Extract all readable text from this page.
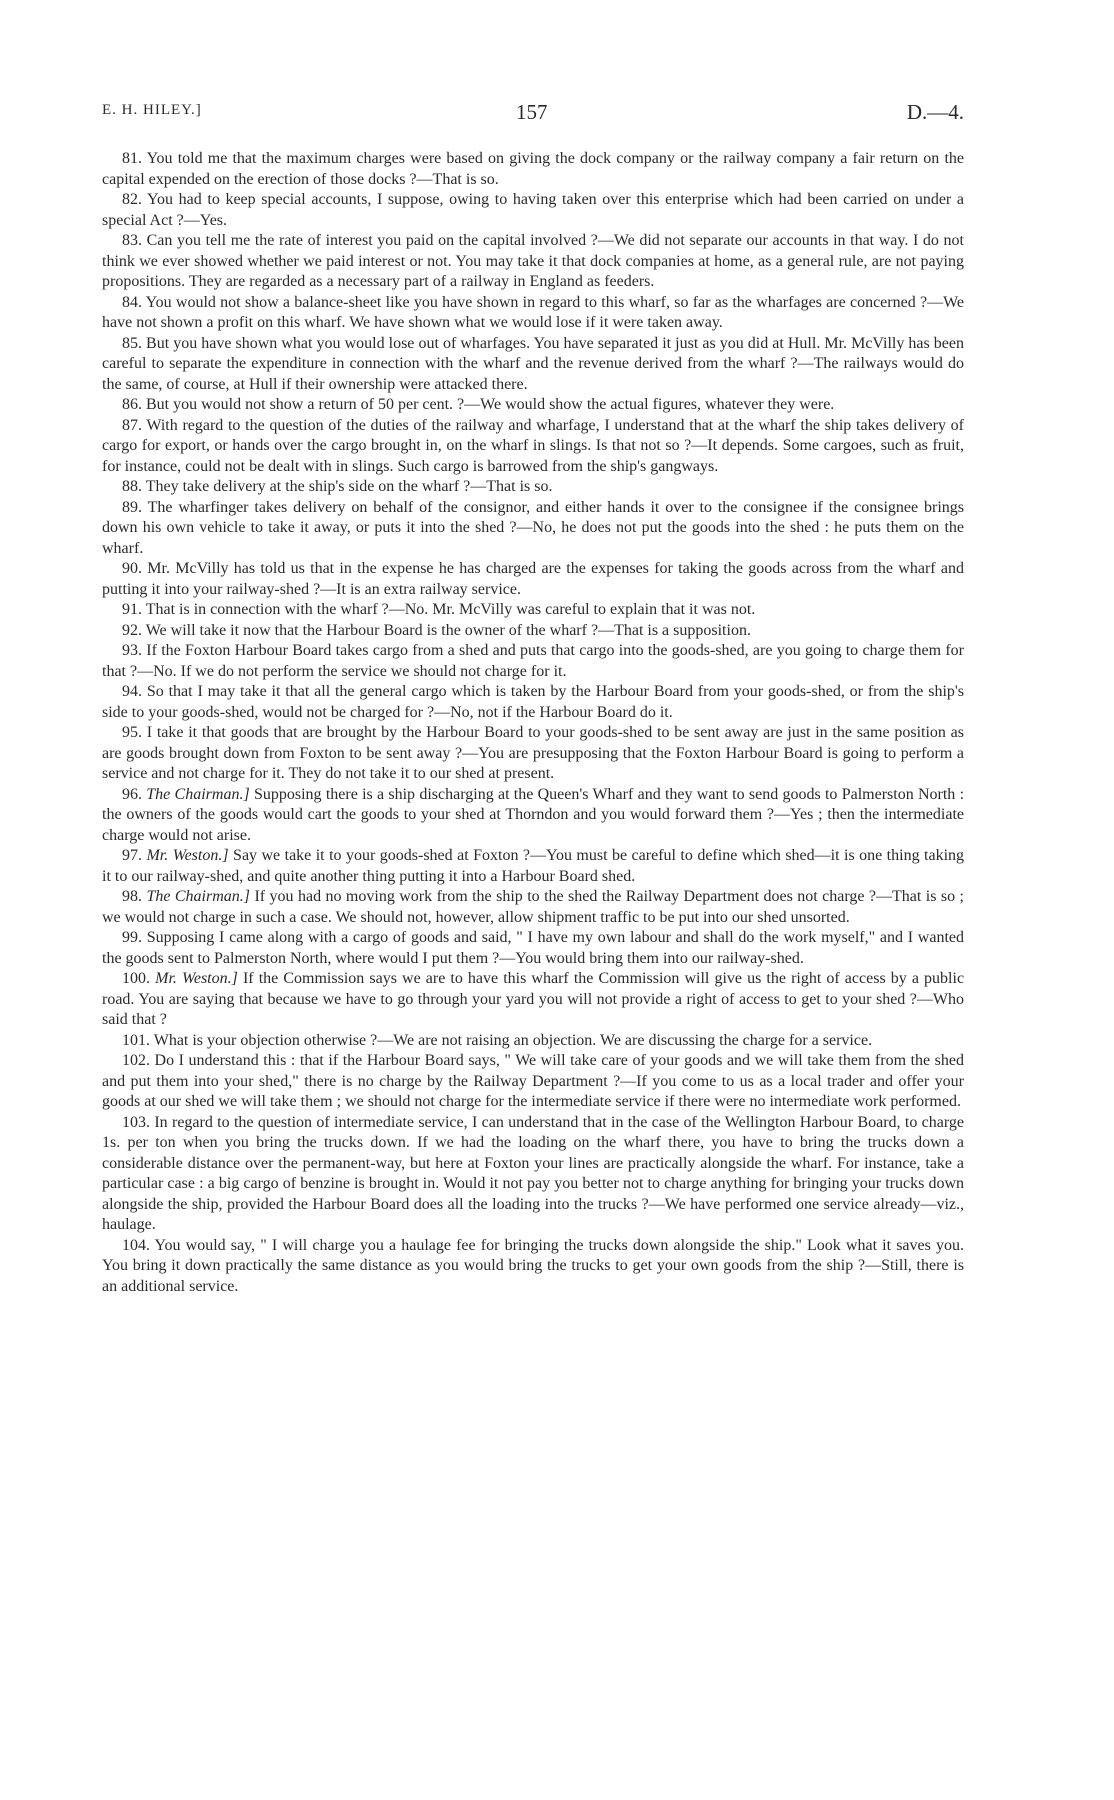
E. H. HILEY.]	157	D.—4.

81. You told me that the maximum charges were based on giving the dock company or the railway company a fair return on the capital expended on the erection of those docks ?—That is so.

82. You had to keep special accounts, I suppose, owing to having taken over this enterprise which had been carried on under a special Act ?—Yes.

83. Can you tell me the rate of interest you paid on the capital involved ?—We did not separate our accounts in that way. I do not think we ever showed whether we paid interest or not. You may take it that dock companies at home, as a general rule, are not paying propositions. They are regarded as a necessary part of a railway in England as feeders.

84. You would not show a balance-sheet like you have shown in regard to this wharf, so far as the wharfages are concerned ?—We have not shown a profit on this wharf. We have shown what we would lose if it were taken away.

85. But you have shown what you would lose out of wharfages. You have separated it just as you did at Hull. Mr. McVilly has been careful to separate the expenditure in connection with the wharf and the revenue derived from the wharf ?—The railways would do the same, of course, at Hull if their ownership were attacked there.

86. But you would not show a return of 50 per cent. ?—We would show the actual figures, whatever they were.

87. With regard to the question of the duties of the railway and wharfage, I understand that at the wharf the ship takes delivery of cargo for export, or hands over the cargo brought in, on the wharf in slings. Is that not so ?—It depends. Some cargoes, such as fruit, for instance, could not be dealt with in slings. Such cargo is barrowed from the ship's gangways.

88. They take delivery at the ship's side on the wharf ?—That is so.

89. The wharfinger takes delivery on behalf of the consignor, and either hands it over to the consignee if the consignee brings down his own vehicle to take it away, or puts it into the shed ?—No, he does not put the goods into the shed : he puts them on the wharf.

90. Mr. McVilly has told us that in the expense he has charged are the expenses for taking the goods across from the wharf and putting it into your railway-shed ?—It is an extra railway service.

91. That is in connection with the wharf ?—No. Mr. McVilly was careful to explain that it was not.

92. We will take it now that the Harbour Board is the owner of the wharf ?—That is a supposition.

93. If the Foxton Harbour Board takes cargo from a shed and puts that cargo into the goods-shed, are you going to charge them for that ?—No. If we do not perform the service we should not charge for it.

94. So that I may take it that all the general cargo which is taken by the Harbour Board from your goods-shed, or from the ship's side to your goods-shed, would not be charged for ?—No, not if the Harbour Board do it.

95. I take it that goods that are brought by the Harbour Board to your goods-shed to be sent away are just in the same position as are goods brought down from Foxton to be sent away ?—You are presupposing that the Foxton Harbour Board is going to perform a service and not charge for it. They do not take it to our shed at present.

96. The Chairman.] Supposing there is a ship discharging at the Queen's Wharf and they want to send goods to Palmerston North : the owners of the goods would cart the goods to your shed at Thorndon and you would forward them ?—Yes ; then the intermediate charge would not arise.

97. Mr. Weston.] Say we take it to your goods-shed at Foxton ?—You must be careful to define which shed—it is one thing taking it to our railway-shed, and quite another thing putting it into a Harbour Board shed.

98. The Chairman.] If you had no moving work from the ship to the shed the Railway Department does not charge ?—That is so ; we would not charge in such a case. We should not, however, allow shipment traffic to be put into our shed unsorted.

99. Supposing I came along with a cargo of goods and said, " I have my own labour and shall do the work myself," and I wanted the goods sent to Palmerston North, where would I put them ?—You would bring them into our railway-shed.

100. Mr. Weston.] If the Commission says we are to have this wharf the Commission will give us the right of access by a public road. You are saying that because we have to go through your yard you will not provide a right of access to get to your shed ?—Who said that ?

101. What is your objection otherwise ?—We are not raising an objection. We are discussing the charge for a service.

102. Do I understand this : that if the Harbour Board says, " We will take care of your goods and we will take them from the shed and put them into your shed," there is no charge by the Railway Department ?—If you come to us as a local trader and offer your goods at our shed we will take them ; we should not charge for the intermediate service if there were no intermediate work performed.

103. In regard to the question of intermediate service, I can understand that in the case of the Wellington Harbour Board, to charge 1s. per ton when you bring the trucks down. If we had the loading on the wharf there, you have to bring the trucks down a considerable distance over the permanent-way, but here at Foxton your lines are practically alongside the wharf. For instance, take a particular case : a big cargo of benzine is brought in. Would it not pay you better not to charge anything for bringing your trucks down alongside the ship, provided the Harbour Board does all the loading into the trucks ?—We have performed one service already—viz., haulage.

104. You would say, " I will charge you a haulage fee for bringing the trucks down alongside the ship." Look what it saves you. You bring it down practically the same distance as you would bring the trucks to get your own goods from the ship ?—Still, there is an additional service.
